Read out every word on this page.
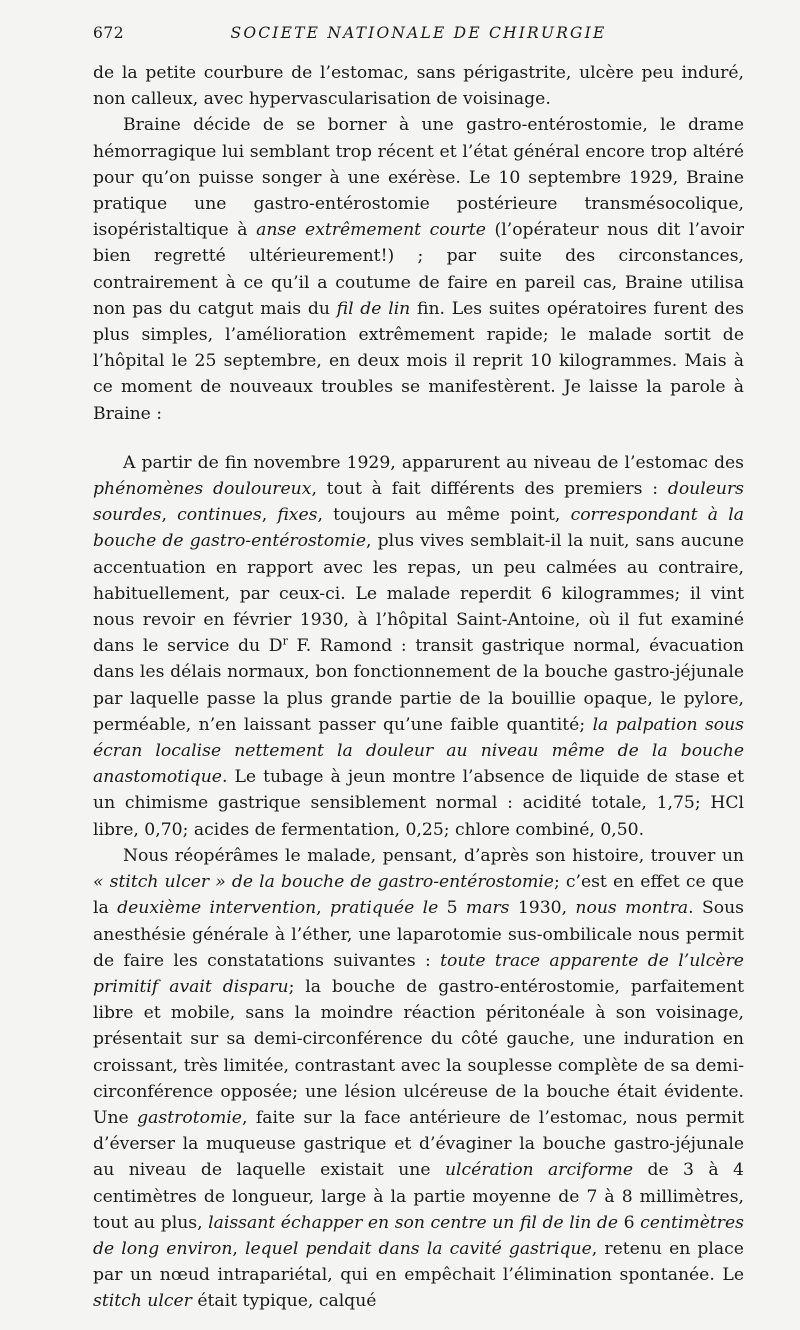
672	SOCIETE NATIONALE DE CHIRURGIE

de la petite courbure de l’estomac, sans périgastrite, ulcère peu induré, non calleux, avec hypervascularisation de voisinage.

Braine décide de se borner à une gastro-entérostomie, le drame hémorragique lui semblant trop récent et l’état général encore trop altéré pour qu’on puisse songer à une exérèse. Le 10 septembre 1929, Braine pratique une gastro-entérostomie postérieure transmésocolique, isopéristaltique à anse extrêmement courte (l’opérateur nous dit l’avoir bien regretté ultérieurement!) ; par suite des circonstances, contrairement à ce qu’il a coutume de faire en pareil cas, Braine utilisa non pas du catgut mais du fil de lin fin. Les suites opératoires furent des plus simples, l’amélioration extrêmement rapide; le malade sortit de l’hôpital le 25 septembre, en deux mois il reprit 10 kilogrammes. Mais à ce moment de nouveaux troubles se manifestèrent. Je laisse la parole à Braine :

A partir de fin novembre 1929, apparurent au niveau de l’estomac des phénomènes douloureux, tout à fait différents des premiers : douleurs sourdes, continues, fixes, toujours au même point, correspondant à la bouche de gastro-entérostomie, plus vives semblait-il la nuit, sans aucune accentuation en rapport avec les repas, un peu calmées au contraire, habituellement, par ceux-ci. Le malade reperdit 6 kilogrammes; il vint nous revoir en février 1930, à l’hôpital Saint-Antoine, où il fut examiné dans le service du $D^r$ F. Ramond : transit gastrique normal, évacuation dans les délais normaux, bon fonctionnement de la bouche gastro-jéjunale par laquelle passe la plus grande partie de la bouillie opaque, le pylore, perméable, n’en laissant passer qu’une faible quantité; la palpation sous écran localise nettement la douleur au niveau même de la bouche anastomotique. Le tubage à jeun montre l’absence de liquide de stase et un chimisme gastrique sensiblement normal : acidité totale, 1,75; HCl libre, 0,70; acides de fermentation, 0,25; chlore combiné, 0,50.

Nous réopérâmes le malade, pensant, d’après son histoire, trouver un « stitch ulcer » de la bouche de gastro-entérostomie; c’est en effet ce que la deuxième intervention, pratiquée le 5 mars 1930, nous montra. Sous anesthésie générale à l’éther, une laparotomie sus-ombilicale nous permit de faire les constatations suivantes : toute trace apparente de l’ulcère primitif avait disparu; la bouche de gastro-entérostomie, parfaitement libre et mobile, sans la moindre réaction péritonéale à son voisinage, présentait sur sa demi-circonférence du côté gauche, une induration en croissant, très limitée, contrastant avec la souplesse complète de sa demi-circonférence opposée; une lésion ulcéreuse de la bouche était évidente. Une gastrotomie, faite sur la face antérieure de l’estomac, nous permit d’éverser la muqueuse gastrique et d’évaginer la bouche gastro-jéjunale au niveau de laquelle existait une ulcération arciforme de 3 à 4 centimètres de longueur, large à la partie moyenne de 7 à 8 millimètres, tout au plus, laissant échapper en son centre un fil de lin de 6 centimètres de long environ, lequel pendait dans la cavité gastrique, retenu en place par un nœud intrapariétal, qui en empêchait l’élimination spontanée. Le stitch ulcer était typique, calqué
